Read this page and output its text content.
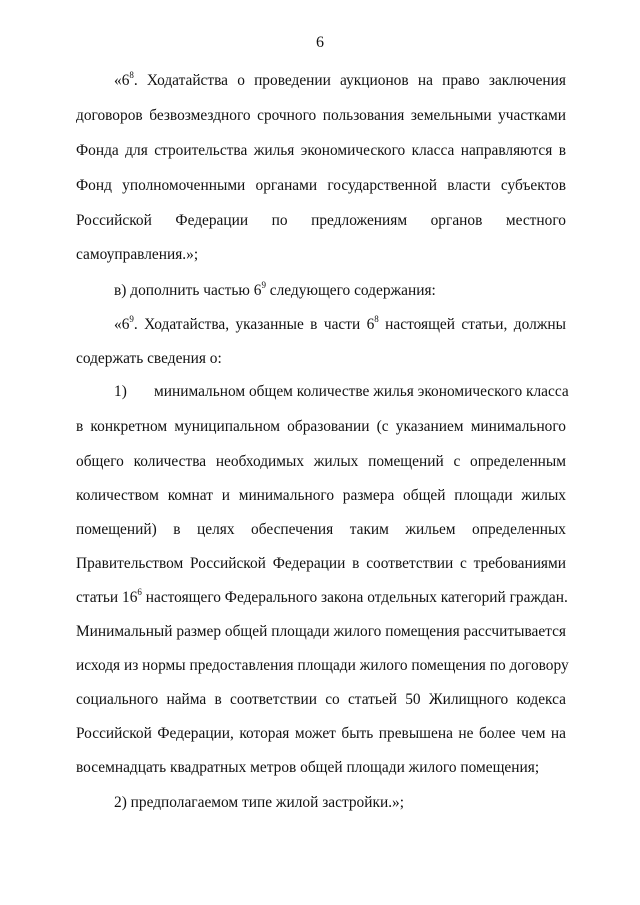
6
«$6^8$. Ходатайства о проведении аукционов на право заключения
договоров безвозмездного срочного пользования земельными участками
Фонда для строительства жилья экономического класса направляются в
Фонд уполномоченными органами государственной власти субъектов
Российской Федерации по предложениям органов местного
самоуправления.»;
в) дополнить частью $6^9$ следующего содержания:
«$6^9$. Ходатайства, указанные в части $6^8$ настоящей статьи, должны
содержать сведения о:
1)	минимальном общем количестве жилья экономического класса
в конкретном муниципальном образовании (с указанием минимального
общего количества необходимых жилых помещений с определенным
количеством комнат и минимального размера общей площади жилых
помещений) в целях обеспечения таким жильем определенных
Правительством Российской Федерации в соответствии с требованиями
статьи $16^6$ настоящего Федерального закона отдельных категорий граждан.
Минимальный размер общей площади жилого помещения рассчитывается
исходя из нормы предоставления площади жилого помещения по договору
социального найма в соответствии со статьей 50 Жилищного кодекса
Российской Федерации, которая может быть превышена не более чем на
восемнадцать квадратных метров общей площади жилого помещения;
2) предполагаемом типе жилой застройки.»;
